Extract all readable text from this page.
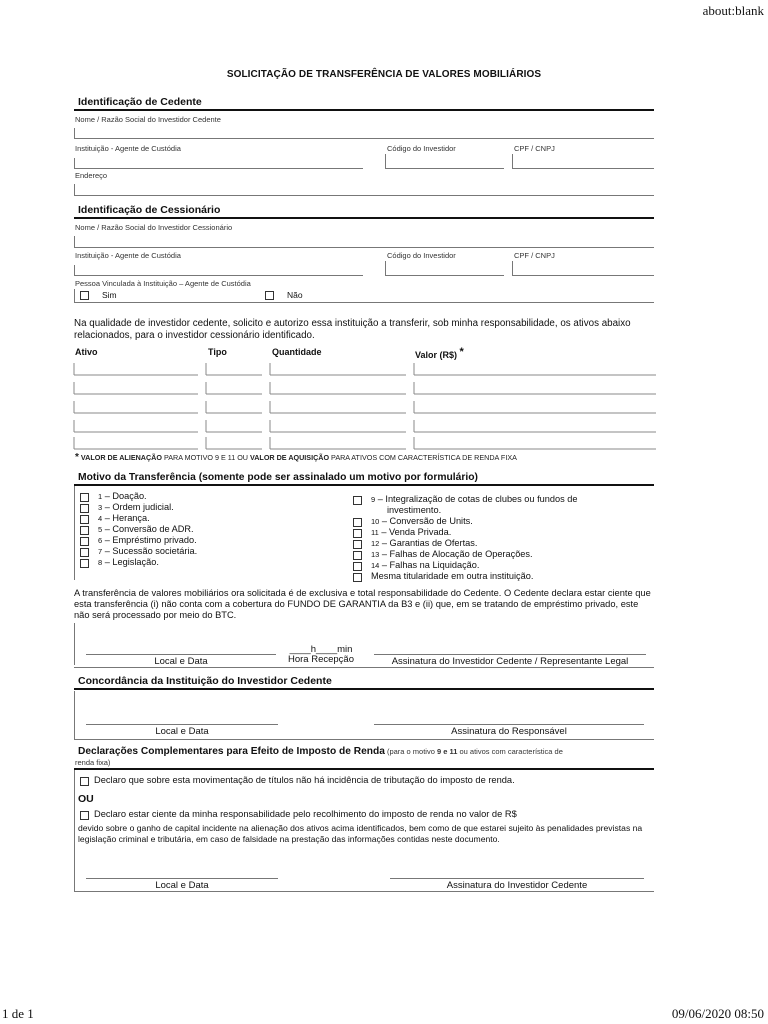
about:blank
1 de 1	09/06/2020 08:50
SOLICITAÇÃO DE TRANSFERÊNCIA DE VALORES MOBILIÁRIOS
Identificação de Cedente
Nome / Razão Social do Investidor Cedente
Instituição - Agente de Custódia	Código do Investidor	CPF / CNPJ
Endereço
Identificação de Cessionário
Nome / Razão Social do Investidor Cessionário
Instituição - Agente de Custódia	Código do Investidor	CPF / CNPJ
Pessoa Vinculada à Instituição – Agente de Custódia
Sim	Não
Na qualidade de investidor cedente, solicito e autorizo essa instituição a transferir, sob minha responsabilidade, os ativos abaixo relacionados, para o investidor cessionário identificado.
Ativo	Tipo	Quantidade	Valor (R$) *
* VALOR DE ALIENAÇÃO PARA MOTIVO 9 E 11 OU VALOR DE AQUISIÇÃO PARA ATIVOS COM CARACTERÍSTICA DE RENDA FIXA
Motivo da Transferência (somente pode ser assinalado um motivo por formulário)
1 – Doação.
3 – Ordem judicial.
4 – Herança.
5 – Conversão de ADR.
6 – Empréstimo privado.
7 – Sucessão societária.
8 – Legislação.
9 – Integralização de cotas de clubes ou fundos de
investimento.
10 – Conversão de Units.
11 – Venda Privada.
12 – Garantias de Ofertas.
13 – Falhas de Alocação de Operações.
14 – Falhas na Liquidação.
Mesma titularidade em outra instituição.
A transferência de valores mobiliários ora solicitada é de exclusiva e total responsabilidade do Cedente. O Cedente declara estar ciente que esta transferência (i) não conta com a cobertura do FUNDO DE GARANTIA da B3 e (ii) que, em se tratando de empréstimo privado, este não será processado por meio do BTC.
Local e Data
____h____min
Hora Recepção	Assinatura do Investidor Cedente / Representante Legal
Concordância da Instituição do Investidor Cedente
Local e Data	Assinatura do Responsável
Declarações Complementares para Efeito de Imposto de Renda (para o motivo 9 e 11 ou ativos com característica de
renda fixa)
Declaro que sobre esta movimentação de títulos não há incidência de tributação do imposto de renda.
OU
Declaro estar ciente da minha responsabilidade pelo recolhimento do imposto de renda no valor de R$
devido sobre o ganho de capital incidente na alienação dos ativos acima identificados, bem como de que estarei sujeito às penalidades previstas na legislação criminal e tributária, em caso de falsidade na prestação das informações contidas neste documento.
Local e Data	Assinatura do Investidor Cedente
